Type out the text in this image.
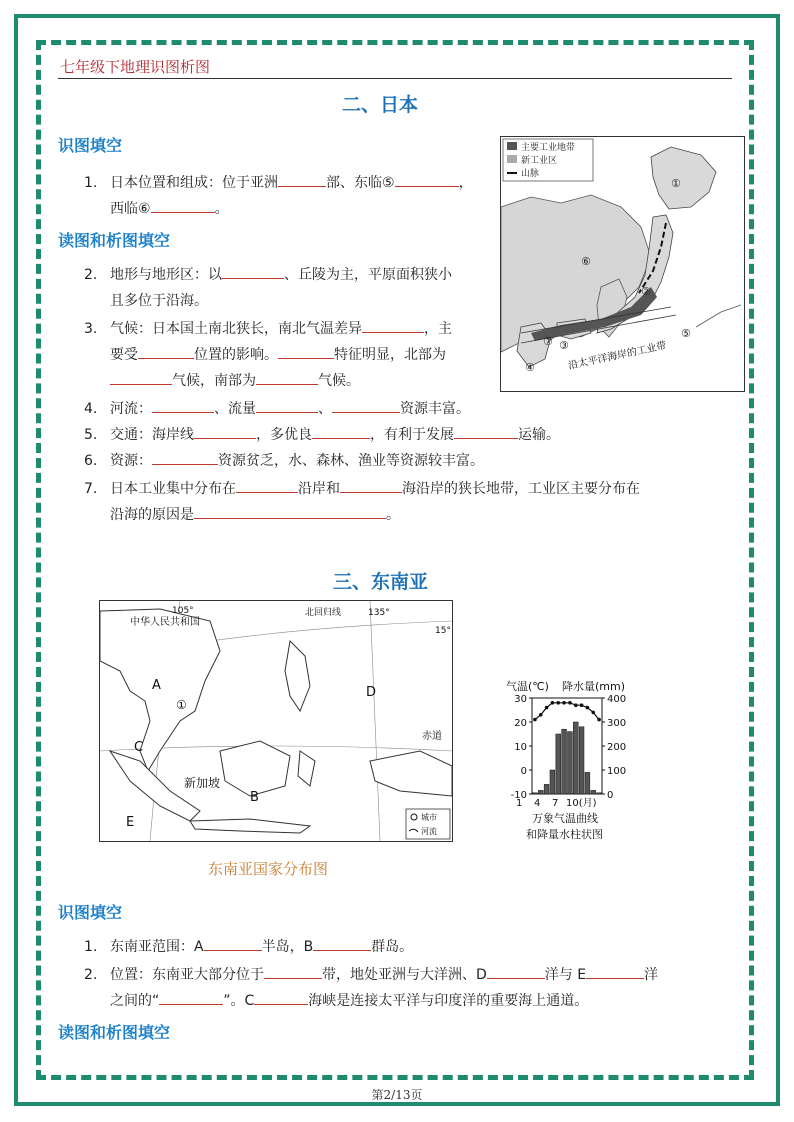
七年级下地理识图析图
二、日本
识图填空
1. 日本位置和组成：位于亚洲	部、东临⑤	，
西临⑥	。
读图和析图填空
2. 地形与地形区：以	、丘陵为主，平原面积狭小
且多位于沿海。
3. 气候：日本国土南北狭长，南北气温差异	，主
要受	位置的影响。	特征明显，北部为
气候，南部为	气候。
4. 河流：	、流量	、	资源丰富。
5. 交通：海岸线	，多优良	，有利于发展	运输。
6. 资源：	资源贫乏，水、森林、渔业等资源较丰富。
7. 日本工业集中分布在	沿岸和	海沿岸的狭长地带，工业区主要分布在
沿海的原因是	。
主要工业地带
新工业区
山脉
①
②
③
④
⑤
⑥
⑦ 沿太平洋海岸的工业带
三、东南亚
中华人民共和国
105°	135°
15°
北回归线
赤道
新加坡
A
B
C
D
E
①
城市
河流
东南亚国家分布图
气温(℃) 降水量(mm)
30
20
10
0
-10
400
300
200
100
0
1 4 7 10(月)
万象气温曲线
和降量水柱状图
识图填空
1. 东南亚范围：A	半岛，B	群岛。
2. 位置：东南亚大部分位于	带，地处亚洲与大洋洲、D	洋与 E	洋
之间的“	”。C	海峡是连接太平洋与印度洋的重要海上通道。
读图和析图填空
第2/13页
